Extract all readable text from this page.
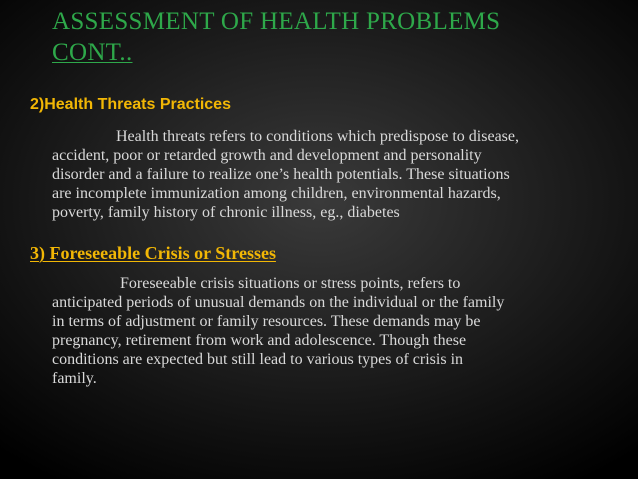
ASSESSMENT OF HEALTH PROBLEMS
CONT..
2)Health Threats Practices
Health threats refers to conditions which predispose to disease,
accident, poor or retarded growth and development and personality
disorder and a failure to realize one’s health potentials. These situations
are incomplete immunization among children, environmental hazards,
poverty, family history of chronic illness, eg., diabetes
3) Foreseeable Crisis or Stresses
Foreseeable crisis situations or stress points, refers to
anticipated periods of unusual demands on the individual or the family
in terms of adjustment or family resources. These demands may be
pregnancy, retirement from work and adolescence. Though these
conditions are expected but still lead to various types of crisis in
family.
